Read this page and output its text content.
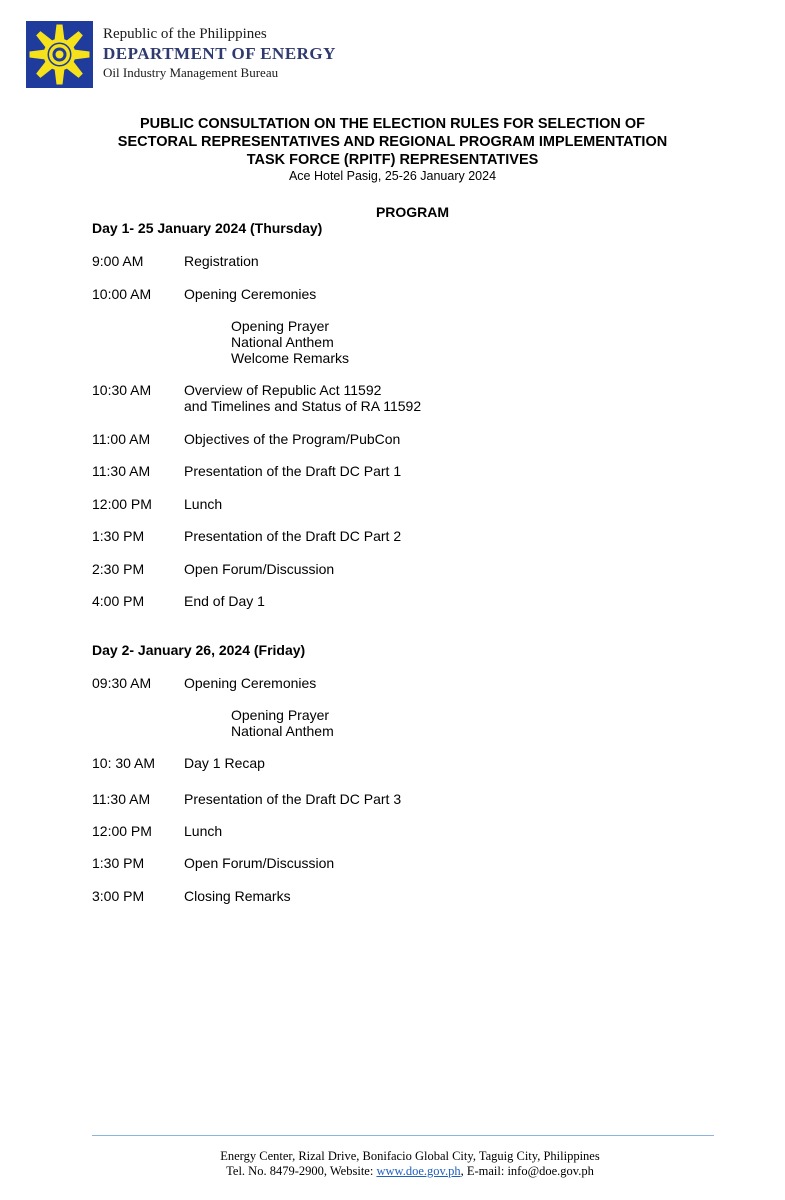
Republic of the Philippines
DEPARTMENT OF ENERGY
Oil Industry Management Bureau
PUBLIC CONSULTATION ON THE ELECTION RULES FOR SELECTION OF
SECTORAL REPRESENTATIVES AND REGIONAL PROGRAM IMPLEMENTATION
TASK FORCE (RPITF) REPRESENTATIVES
Ace Hotel Pasig, 25-26 January 2024
PROGRAM
Day 1- 25 January 2024 (Thursday)
9:00 AM	Registration
10:00 AM	Opening Ceremonies
Opening Prayer
National Anthem
Welcome Remarks
10:30 AM	Overview of Republic Act 11592
and Timelines and Status of RA 11592
11:00 AM	Objectives of the Program/PubCon
11:30 AM	Presentation of the Draft DC Part 1
12:00 PM	Lunch
1:30 PM	Presentation of the Draft DC Part 2
2:30 PM	Open Forum/Discussion
4:00 PM	End of Day 1
Day 2- January 26, 2024 (Friday)
09:30 AM	Opening Ceremonies
Opening Prayer
National Anthem
10: 30 AM	Day 1 Recap
11:30 AM	Presentation of the Draft DC Part 3
12:00 PM	Lunch
1:30 PM	Open Forum/Discussion
3:00 PM	Closing Remarks
Energy Center, Rizal Drive, Bonifacio Global City, Taguig City, Philippines
Tel. No. 8479-2900, Website: www.doe.gov.ph, E-mail: info@doe.gov.ph
